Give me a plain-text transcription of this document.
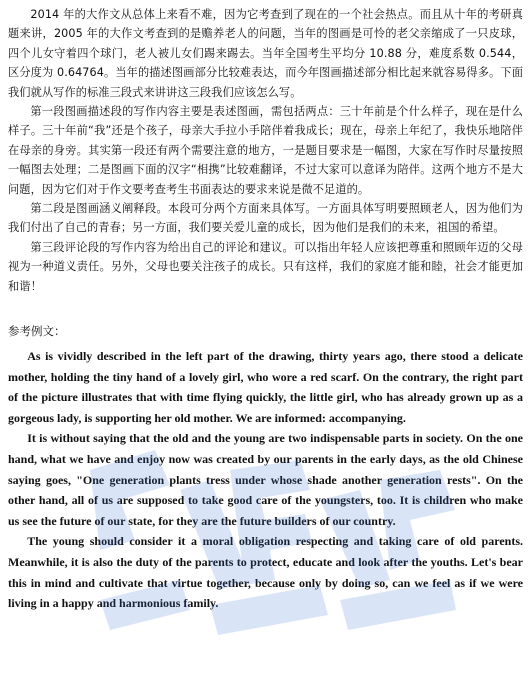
2014 年的大作文从总体上来看不难，因为它考查到了现在的一个社会热点。而且从十年的考研真题来讲，2005 年的大作文考查到的是赡养老人的问题，当年的图画是可怜的老父亲缩成了一只皮球，四个儿女守着四个球门，老人被儿女们踢来踢去。当年全国考生平均分 10.88 分，难度系数 0.544，区分度为 0.64764。当年的描述图画部分比较难表达，而今年图画描述部分相比起来就容易得多。下面我们就从写作的标准三段式来讲讲这三段我们应该怎么写。

第一段图画描述段的写作内容主要是表述图画，需包括两点：三十年前是个什么样子，现在是什么样子。三十年前“我”还是个孩子，母亲大手拉小手陪伴着我成长；现在，母亲上年纪了，我快乐地陪伴在母亲的身旁。其实第一段还有两个需要注意的地方，一是题目要求是一幅图，大家在写作时尽量按照一幅图去处理；二是图画下面的汉字“相携”比较难翻译，不过大家可以意译为陪伴。这两个地方不是大问题，因为它们对于作文要考查考生书面表达的要求来说是微不足道的。

第二段是图画涵义阐释段。本段可分两个方面来具体写。一方面具体写明要照顾老人，因为他们为我们付出了自己的青春；另一方面，我们要关爱儿童的成长，因为他们是我们的未来，祖国的希望。

第三段评论段的写作内容为给出自己的评论和建议。可以指出年轻人应该把尊重和照顾年迈的父母视为一种道义责任。另外，父母也要关注孩子的成长。只有这样，我们的家庭才能和睦，社会才能更加和谐！

参考例文：

As is vividly described in the left part of the drawing, thirty years ago, there stood a delicate mother, holding the tiny hand of a lovely girl, who wore a red scarf. On the contrary, the right part of the picture illustrates that with time flying quickly, the little girl, who has already grown up as a gorgeous lady, is supporting her old mother. We are informed: accompanying.

It is without saying that the old and the young are two indispensable parts in society. On the one hand, what we have and enjoy now was created by our parents in the early days, as the old Chinese saying goes, "One generation plants tress under whose shade another generation rests". On the other hand, all of us are supposed to take good care of the youngsters, too. It is children who make us see the future of our state, for they are the future builders of our country.

The young should consider it a moral obligation respecting and taking care of old parents. Meanwhile, it is also the duty of the parents to protect, educate and look after the youths. Let's bear this in mind and cultivate that virtue together, because only by doing so, can we feel as if we were living in a happy and harmonious family.
